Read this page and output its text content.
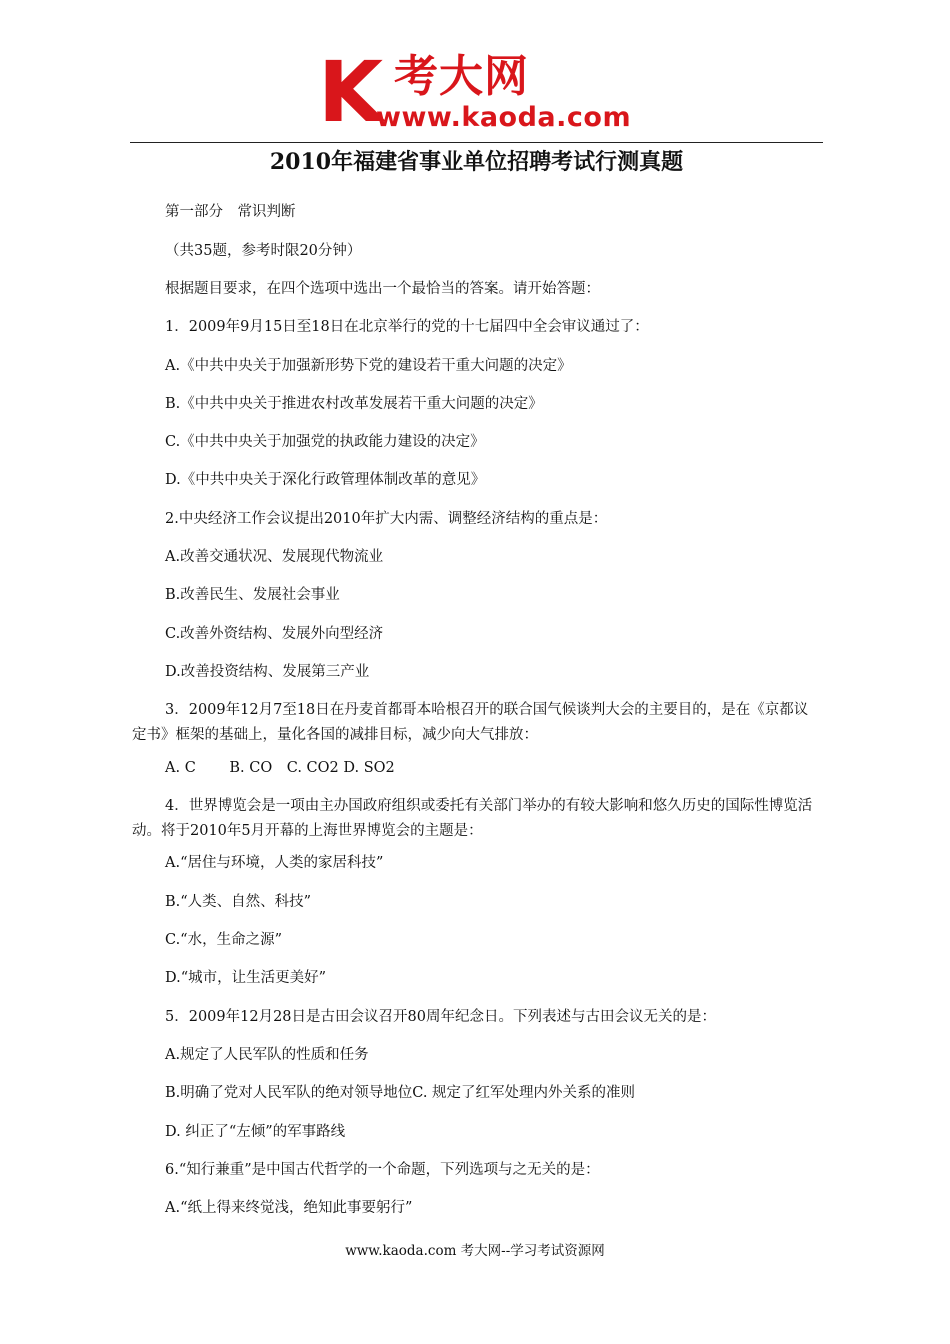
K 考大网
www.kaoda.com
2010年福建省事业单位招聘考试行测真题

第一部分　常识判断

（共35题，参考时限20分钟）

根据题目要求，在四个选项中选出一个最恰当的答案。请开始答题：

1．2009年9月15日至18日在北京举行的党的十七届四中全会审议通过了：

A.《中共中央关于加强新形势下党的建设若干重大问题的决定》

B.《中共中央关于推进农村改革发展若干重大问题的决定》

C.《中共中央关于加强党的执政能力建设的决定》

D.《中共中央关于深化行政管理体制改革的意见》

2.中央经济工作会议提出2010年扩大内需、调整经济结构的重点是：

A.改善交通状况、发展现代物流业

B.改善民生、发展社会事业

C.改善外资结构、发展外向型经济

D.改善投资结构、发展第三产业

3．2009年12月7至18日在丹麦首都哥本哈根召开的联合国气候谈判大会的主要目的，是在《京都议定书》框架的基础上，量化各国的减排目标，减少向大气排放：

A. C　　 B. CO　C. CO2 D. SO2

4．世界博览会是一项由主办国政府组织或委托有关部门举办的有较大影响和悠久历史的国际性博览活动。将于2010年5月开幕的上海世界博览会的主题是：

A.“居住与环境，人类的家居科技”

B.“人类、自然、科技”

C.“水，生命之源”

D.“城市，让生活更美好”

5．2009年12月28日是古田会议召开80周年纪念日。下列表述与古田会议无关的是：

A.规定了人民军队的性质和任务

B.明确了党对人民军队的绝对领导地位C. 规定了红军处理内外关系的准则

D. 纠正了“左倾”的军事路线

6.“知行兼重”是中国古代哲学的一个命题，下列选项与之无关的是：

A.“纸上得来终觉浅，绝知此事要躬行”

www.kaoda.com 考大网--学习考试资源网
